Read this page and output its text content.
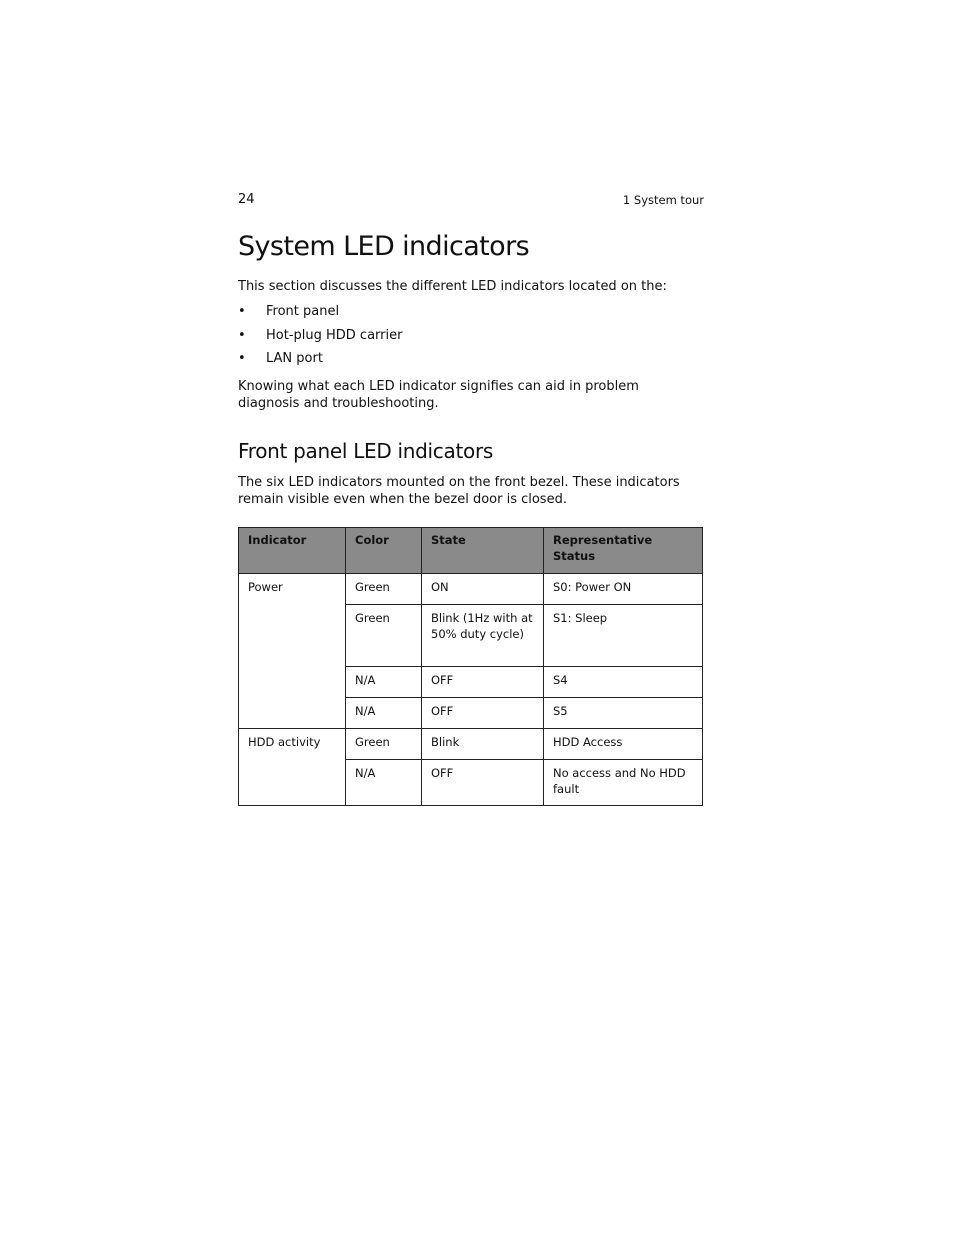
24	1 System tour
System LED indicators

This section discusses the different LED indicators located on the:

• Front panel
• Hot-plug HDD carrier
• LAN port

Knowing what each LED indicator signifies can aid in problem diagnosis and troubleshooting.

Front panel LED indicators

The six LED indicators mounted on the front bezel. These indicators remain visible even when the bezel door is closed.

Indicator	Color	State	Representative Status
Power	Green	ON	S0: Power ON
	Green	Blink (1Hz with at 50% duty cycle)	S1: Sleep
	N/A	OFF	S4
	N/A	OFF	S5
HDD activity	Green	Blink	HDD Access
	N/A	OFF	No access and No HDD fault
